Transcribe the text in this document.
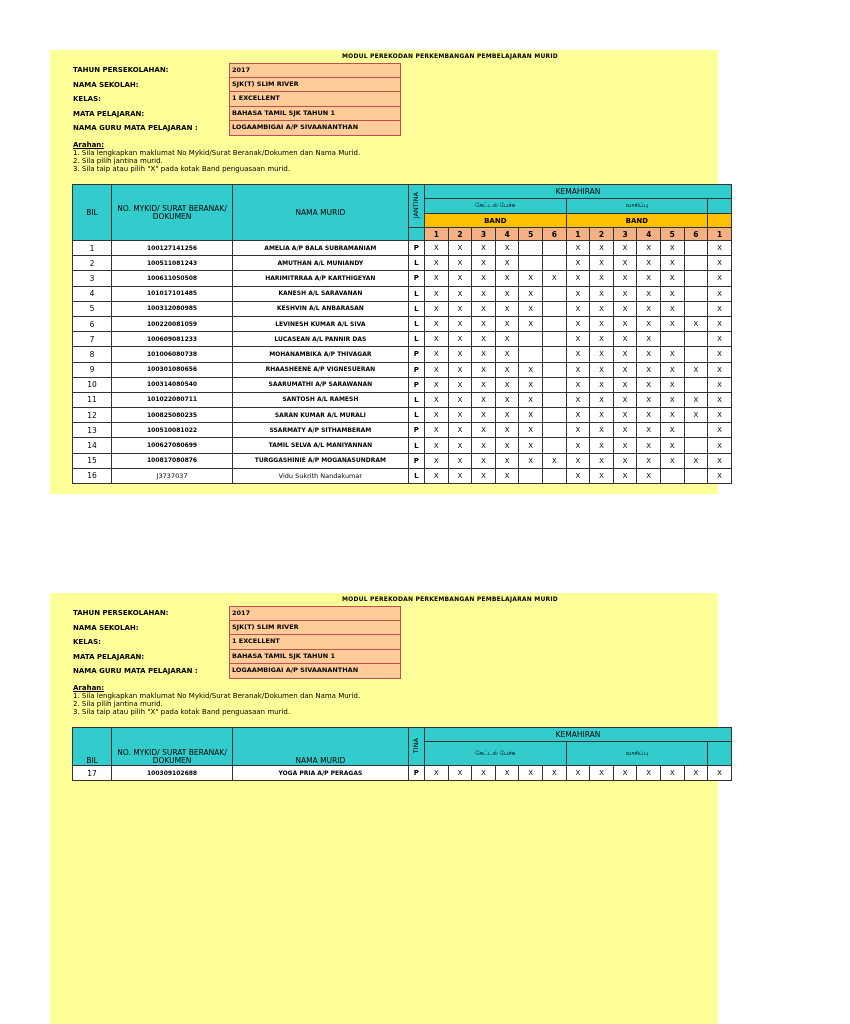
MODUL PEREKODAN PERKEMBANGAN PEMBELAJARAN MURID
TAHUN PERSEKOLAHAN:	2017
NAMA SEKOLAH:	SJK(T) SLIM RIVER
KELAS:	1 EXCELLENT
MATA PELAJARAN:	BAHASA TAMIL SJK TAHUN 1
NAMA GURU MATA PELAJARAN :	LOGAAMBIGAI A/P SIVAANANTHAN
Arahan:
1. Sila lengkapkan maklumat No Mykid/Surat Beranak/Dokumen dan Nama Murid.
2. Sila pilih jantina murid.
3. Sila taip atau pilih "X" pada kotak Band penguasaan murid.
BIL	NO. MYKID/ SURAT BERANAK/ DOKUMEN	NAMA MURID	JANTINA	KEMAHIRAN												
				கேட்டல் பேச்சு						வாசிப்பு						
				BAND						BAND						
				1	2	3	4	5	6	1	2	3	4	5	6	1
1	100127141256	AMELIA A/P BALA SUBRAMANIAM	P	X	X	X	X			X	X	X	X	X		X
2	100511081243	AMUTHAN A/L MUNIANDY	L	X	X	X	X			X	X	X	X	X		X
3	100611050508	HARIMITRRAA A/P KARTHIGEYAN	P	X	X	X	X	X	X	X	X	X	X	X		X
4	101017101485	KANESH A/L SARAVANAN	L	X	X	X	X	X		X	X	X	X	X		X
5	100312080985	KESHVIN A/L ANBARASAN	L	X	X	X	X	X		X	X	X	X	X		X
6	100220081059	LEVINESH KUMAR A/L SIVA	L	X	X	X	X	X		X	X	X	X	X	X	X
7	100609081233	LUCASEAN A/L PANNIR DAS	L	X	X	X	X			X	X	X	X			X
8	101006080738	MOHANAMBIKA A/P THIVAGAR	P	X	X	X	X			X	X	X	X	X		X
9	100301080656	RHAASHEENE A/P VIGNESUERAN	P	X	X	X	X	X		X	X	X	X	X	X	X
10	100314080540	SAARUMATHI A/P SARAWANAN	P	X	X	X	X	X		X	X	X	X	X		X
11	101022080711	SANTOSH A/L RAMESH	L	X	X	X	X	X		X	X	X	X	X	X	X
12	100825080235	SARAN KUMAR A/L MURALI	L	X	X	X	X	X		X	X	X	X	X	X	X
13	100510081022	SSARMATY A/P SITHAMBERAM	P	X	X	X	X	X		X	X	X	X	X		X
14	100627080699	TAMIL SELVA A/L MANIYANNAN	L	X	X	X	X	X		X	X	X	X	X		X
15	100817080876	TURGGASHINIE A/P MOGANASUNDRAM	P	X	X	X	X	X	X	X	X	X	X	X	X	X
16	J3737037	Vidu Sukrith Nandakumar	L	X	X	X	X			X	X	X	X			X
MODUL PEREKODAN PERKEMBANGAN PEMBELAJARAN MURID
TAHUN PERSEKOLAHAN:	2017
NAMA SEKOLAH:	SJK(T) SLIM RIVER
KELAS:	1 EXCELLENT
MATA PELAJARAN:	BAHASA TAMIL SJK TAHUN 1
NAMA GURU MATA PELAJARAN :	LOGAAMBIGAI A/P SIVAANANTHAN
Arahan:
1. Sila lengkapkan maklumat No Mykid/Surat Beranak/Dokumen dan Nama Murid.
2. Sila pilih jantina murid.
3. Sila taip atau pilih "X" pada kotak Band penguasaan murid.
BIL	NO. MYKID/ SURAT BERANAK/ DOKUMEN	NAMA MURID	TINA	KEMAHIRAN												
				கேட்டல் பேச்சு						வாசிப்பு						
17	100309102688	YOGA PRIA A/P PERAGAS	P	X	X	X	X	X	X	X	X	X	X	X	X	X
